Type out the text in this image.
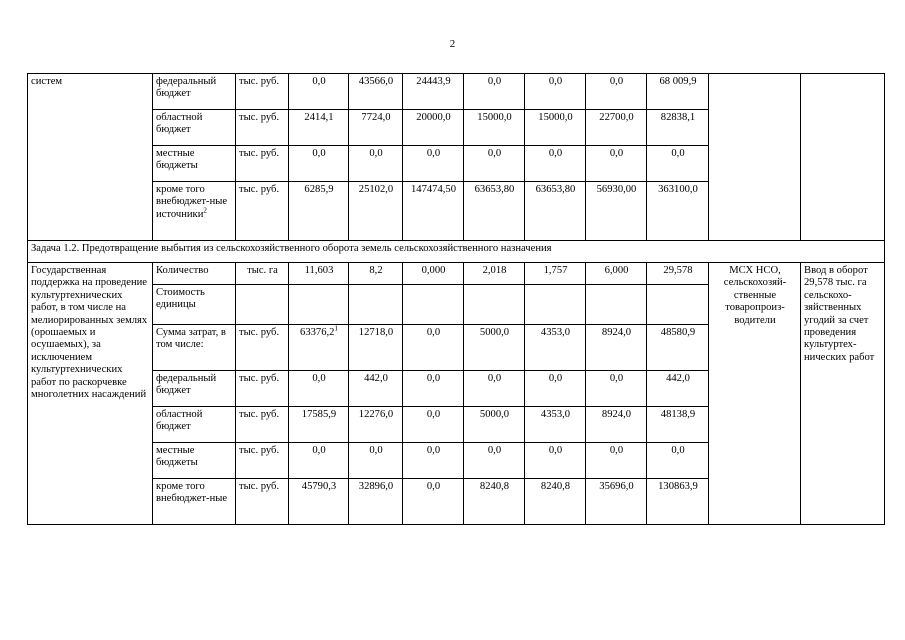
2
систем	федеральный бюджет	тыс. руб.	0,0	43566,0	24443,9	0,0	0,0	0,0	68 009,9		
	областной бюджет	тыс. руб.	2414,1	7724,0	20000,0	15000,0	15000,0	22700,0	82838,1		
	местные бюджеты	тыс. руб.	0,0	0,0	0,0	0,0	0,0	0,0	0,0		
	кроме того внебюджет-ные источники$^2$	тыс. руб.	6285,9	25102,0	147474,50	63653,80	63653,80	56930,00	363100,0		
Задача 1.2. Предотвращение выбытия из сельскохозяйственного оборота земель сельскохозяйственного назначения											
Государственная поддержка на проведение культуртехнических работ, в том числе на мелиорированных землях (орошаемых и осушаемых), за исключением культуртехнических работ по раскорчевке многолетних насаждений	Количество	тыс. га	11,603	8,2	0,000	2,018	1,757	6,000	29,578	МСХ НСО, сельскохозяй-ственные товаропроиз-водители	Ввод в оборот 29,578 тыс. га сельскохо-зяйственных угодий за счет проведения культуртех-нических работ
	Стоимость единицы										
	Сумма затрат, в том числе:	тыс. руб.	63376,2$^1$	12718,0	0,0	5000,0	4353,0	8924,0	48580,9		
	федеральный бюджет	тыс. руб.	0,0	442,0	0,0	0,0	0,0	0,0	442,0		
	областной бюджет	тыс. руб.	17585,9	12276,0	0,0	5000,0	4353,0	8924,0	48138,9		
	местные бюджеты	тыс. руб.	0,0	0,0	0,0	0,0	0,0	0,0	0,0		
	кроме того внебюджет-ные	тыс. руб.	45790,3	32896,0	0,0	8240,8	8240,8	35696,0	130863,9		
